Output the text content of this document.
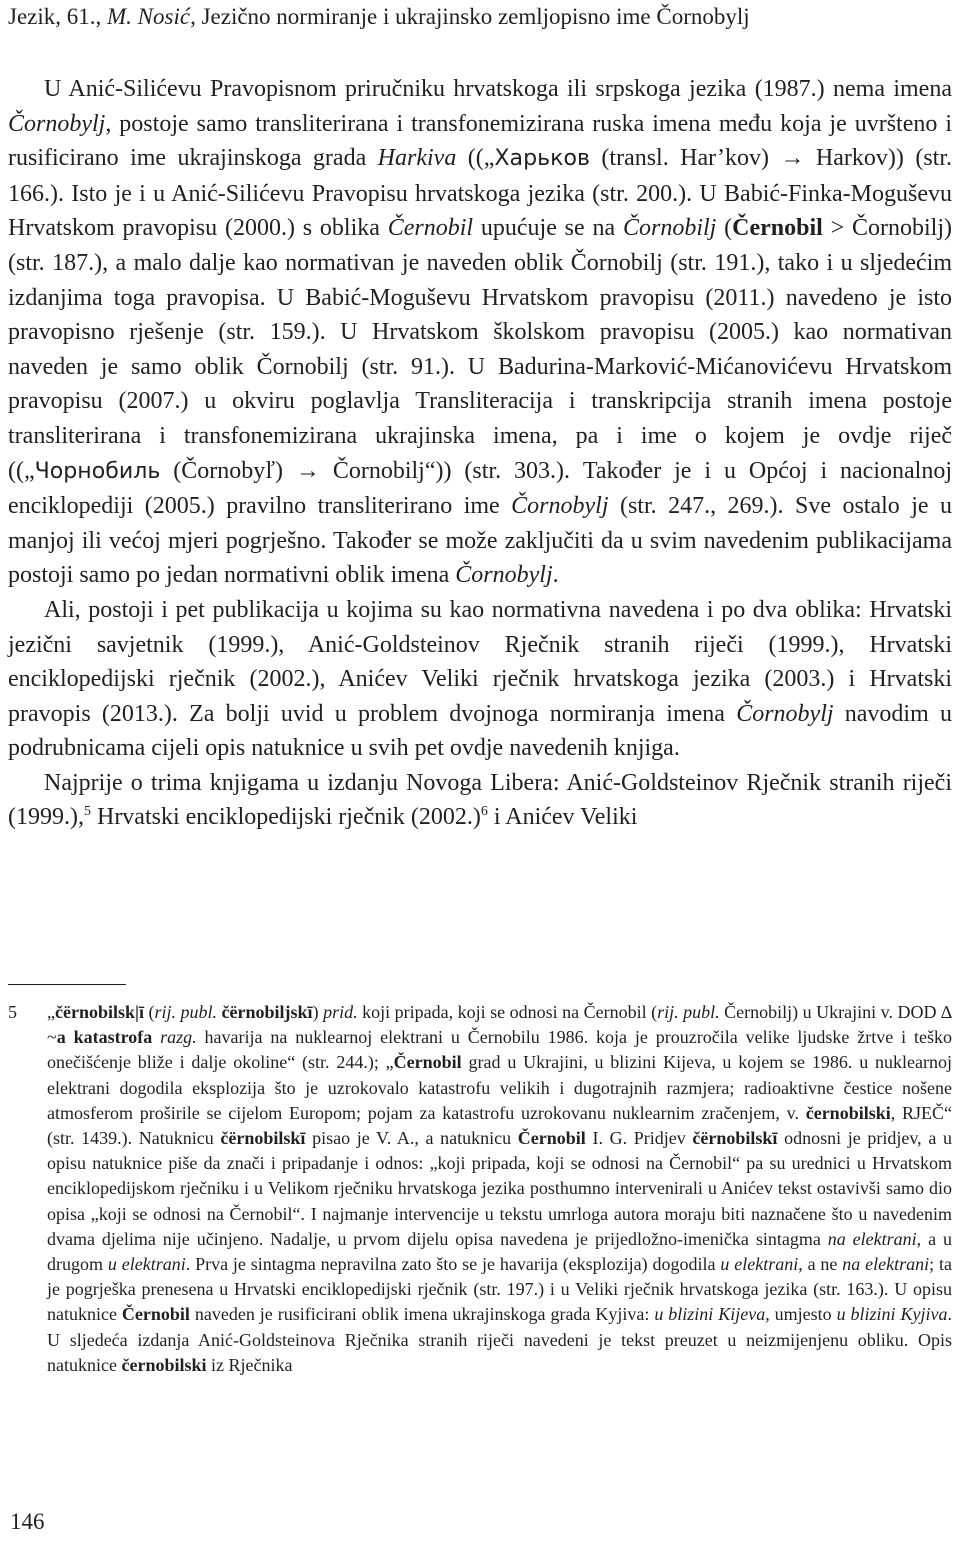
Jezik, 61., M. Nosić, Jezično normiranje i ukrajinsko zemljopisno ime Čornobylj

U Anić-Silićevu Pravopisnom priručniku hrvatskoga ili srpskoga jezika (1987.) nema imena Čornobylj, postoje samo transliterirana i transfonemizirana ruska imena među koja je uvršteno i rusificirano ime ukrajinskoga grada Harkiva ((„Харьков (transl. Har’kov) → Harkov)) (str. 166.). Isto je i u Anić-Silićevu Pravopisu hrvatskoga jezika (str. 200.). U Babić-Finka-Moguševu Hrvatskom pravopisu (2000.) s oblika Černobil upućuje se na Čornobilj (Černobil > Čornobilj) (str. 187.), a malo dalje kao normativan je naveden oblik Čornobilj (str. 191.), tako i u sljedećim izdanjima toga pravopisa. U Babić-Moguševu Hrvatskom pravopisu (2011.) navedeno je isto pravopisno rješenje (str. 159.). U Hrvatskom školskom pravopisu (2005.) kao normativan naveden je samo oblik Čornobilj (str. 91.). U Badurina-Marković-Mićanovićevu Hrvatskom pravopisu (2007.) u okviru poglavlja Transliteracija i transkripcija stranih imena postoje transliterirana i transfonemizirana ukrajinska imena, pa i ime o kojem je ovdje riječ ((„Чорнобиль (Čornobyľ) → Čornobilj“)) (str. 303.). Također je i u Općoj i nacionalnoj enciklopediji (2005.) pravilno transliterirano ime Čornobylj (str. 247., 269.). Sve ostalo je u manjoj ili većoj mjeri pogrješno. Također se može zaključiti da u svim navedenim publikacijama postoji samo po jedan normativni oblik imena Čornobylj.

Ali, postoji i pet publikacija u kojima su kao normativna navedena i po dva oblika: Hrvatski jezični savjetnik (1999.), Anić-Goldsteinov Rječnik stranih riječi (1999.), Hrvatski enciklopedijski rječnik (2002.), Anićev Veliki rječnik hrvatskoga jezika (2003.) i Hrvatski pravopis (2013.). Za bolji uvid u problem dvojnoga normiranja imena Čornobylj navodim u podrubnicama cijeli opis natuknice u svih pet ovdje navedenih knjiga.

Najprije o trima knjigama u izdanju Novoga Libera: Anić-Goldsteinov Rječnik stranih riječi (1999.),$^5$ Hrvatski enciklopedijski rječnik $(2002.)^6$ i Anićev Veliki

5 „čërnobilsk|ī (rij. publ. čërnobiljskī) prid. koji pripada, koji se odnosi na Černobil (rij. publ. Černobilj) u Ukrajini v. DOD ∆ ~a katastrofa razg. havarija na nuklearnoj elektrani u Černobilu 1986. koja je prouzročila velike ljudske žrtve i teško onečišćenje bliže i dalje okoline“ (str. 244.); „Černobil grad u Ukrajini, u blizini Kijeva, u kojem se 1986. u nuklearnoj elektrani dogodila eksplozija što je uzrokovalo katastrofu velikih i dugotrajnih razmjera; radioaktivne čestice nošene atmosferom proširile se cijelom Europom; pojam za katastrofu uzrokovanu nuklearnim zračenjem, v. černobilski, RJEČ“ (str. 1439.). Natuknicu čërnobilskī pisao je V. A., a natuknicu Černobil I. G. Pridjev čërnobilskī odnosni je pridjev, a u opisu natuknice piše da znači i pripadanje i odnos: „koji pripada, koji se odnosi na Černobil“ pa su urednici u Hrvatskom enciklopedijskom rječniku i u Velikom rječniku hrvatskoga jezika posthumno intervenirali u Anićev tekst ostavivši samo dio opisa „koji se odnosi na Černobil“. I najmanje intervencije u tekstu umrloga autora moraju biti naznačene što u navedenim dvama djelima nije učinjeno. Nadalje, u prvom dijelu opisa navedena je prijedložno-imenička sintagma na elektrani, a u drugom u elektrani. Prva je sintagma nepravilna zato što se je havarija (eksplozija) dogodila u elektrani, a ne na elektrani; ta je pogrješka prenesena u Hrvatski enciklopedijski rječnik (str. 197.) i u Veliki rječnik hrvatskoga jezika (str. 163.). U opisu natuknice Černobil naveden je rusificirani oblik imena ukrajinskoga grada Kyjiva: u blizini Kijeva, umjesto u blizini Kyjiva. U sljedeća izdanja Anić-Goldsteinova Rječnika stranih riječi navedeni je tekst preuzet u neizmijenjenu obliku. Opis natuknice černobilski iz Rječnika
146
